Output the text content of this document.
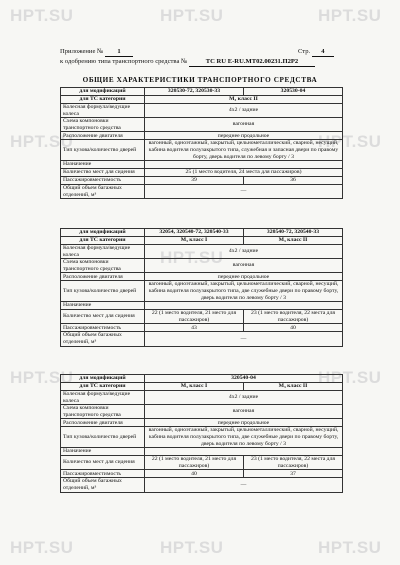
HPT.SU	HPT.SU	HPT.SU
HPT.SU	HPT.SU
HPT.SU
HPT.SU	HPT.SU
HPT.SU	HPT.SU	HPT.SU
Приложение № 1	Стр. 4
к одобрению типа транспортного средства №	TC RU E-RU.MT02.00231.П2P2
ОБЩИЕ ХАРАКТЕРИСТИКИ ТРАНСПОРТНОГО СРЕДСТВА
для модификаций	320530-72, 320530-33	320530-04
для ТС категории	М₃ класс II	
Колесная формула/ведущие колеса	4x2 / задние	
Схема компоновки транспортного средства	вагонная	
Расположение двигателя	переднее продольное	
Тип кузова/количество дверей	вагонный, одноэтажный, закрытый, цельнометаллический, сварной, несущий, кабина водителя полузакрытого типа, служебная и запасная двери по правому борту, дверь водителя по левому борту / 3	
Назначение		
Количество мест для сидения	25 (1 место водителя, 24 места для пассажиров)	
Пассажировместимость	39	36
Общий объем багажных отделений, м³	—	
для модификаций	32054, 320540-72, 320540-33	320540-72, 320540-33
для ТС категории	М₃ класс I	М₃ класс II
Колесная формула/ведущие колеса	4x2 / задние	
Схема компоновки транспортного средства	вагонная	
Расположение двигателя	переднее продольное	
Тип кузова/количество дверей	вагонный, одноэтажный, закрытый, цельнометаллический, сварной, несущий, кабина водителя полузакрытого типа, две служебные двери по правому борту, дверь водителя по левому борту / 3	
Назначение		
Количество мест для сидения	22 (1 место водителя, 21 место для пассажиров)	23 (1 место водителя, 22 места для пассажиров)
Пассажировместимость	43	40
Общий объем багажных отделений, м³	—	
для модификаций	320540-04	
для ТС категории	М₃ класс I	М₃ класс II
Колесная формула/ведущие колеса	4x2 / задние	
Схема компоновки транспортного средства	вагонная	
Расположение двигателя	переднее продольное	
Тип кузова/количество дверей	вагонный, одноэтажный, закрытый, цельнометаллический, сварной, несущий, кабина водителя полузакрытого типа, две служебные двери по правому борту, дверь водителя по левому борту / 3	
Назначение		
Количество мест для сидения	22 (1 место водителя, 21 место для пассажиров)	23 (1 место водителя, 22 места для пассажиров)
Пассажировместимость	40	37
Общий объем багажных отделений, м³	—	
